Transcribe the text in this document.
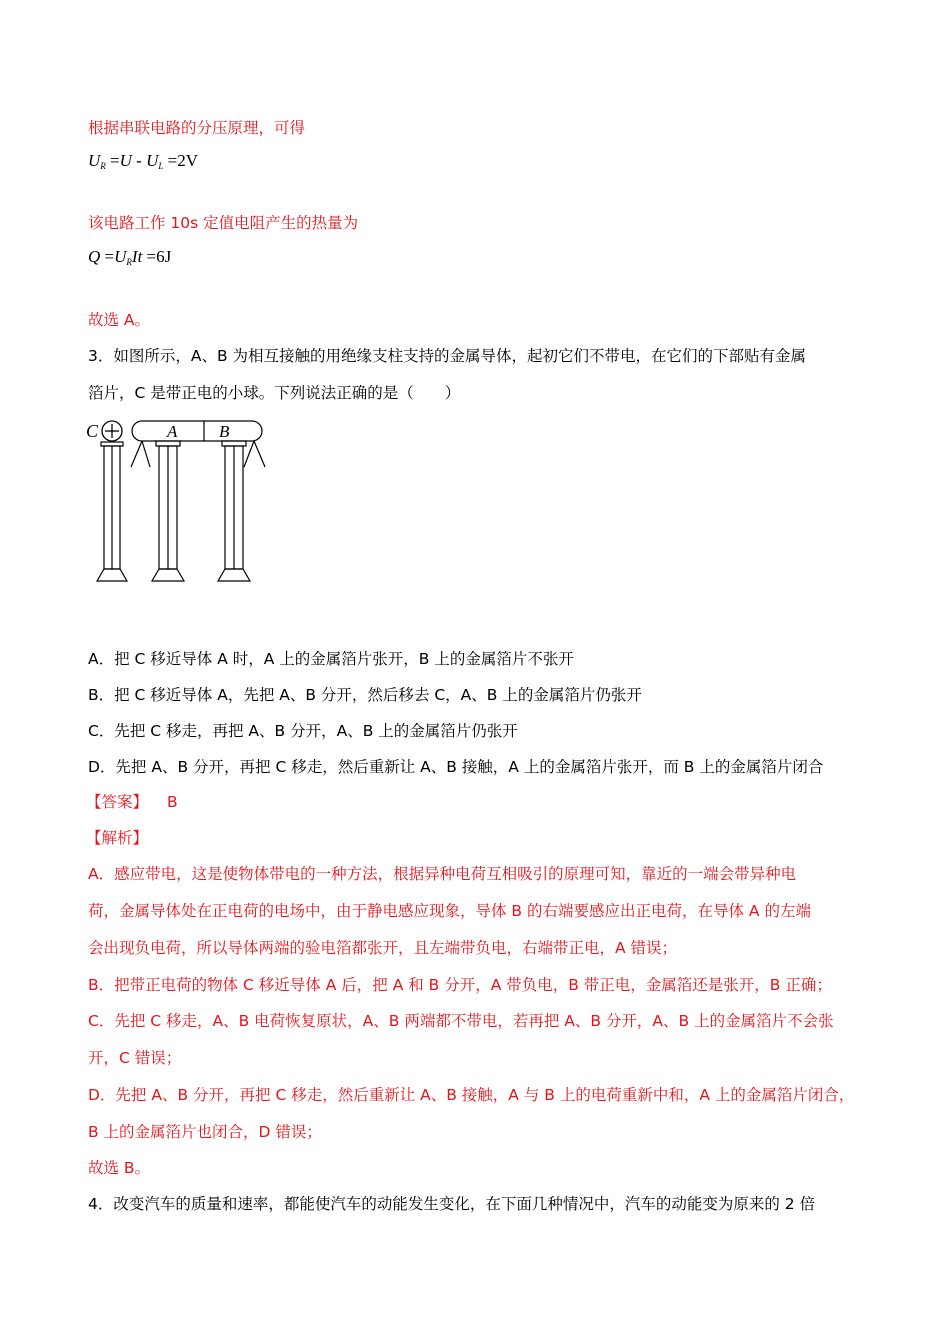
根据串联电路的分压原理，可得
$U_R =U - U_L =2V$
该电路工作 10s 定值电阻产生的热量为
$Q =U_RIt =6J$
故选 A。
3．如图所示，A、B 为相互接触的用绝缘支柱支持的金属导体，起初它们不带电，在它们的下部贴有金属
箔片，C 是带正电的小球。下列说法正确的是（　　）
C	A B
A．把 C 移近导体 A 时，A 上的金属箔片张开，B 上的金属箔片不张开
B．把 C 移近导体 A，先把 A、B 分开，然后移去 C，A、B 上的金属箔片仍张开
C．先把 C 移走，再把 A、B 分开，A、B 上的金属箔片仍张开
D．先把 A、B 分开，再把 C 移走，然后重新让 A、B 接触，A 上的金属箔片张开，而 B 上的金属箔片闭合
【答案】 B
【解析】
A．感应带电，这是使物体带电的一种方法，根据异种电荷互相吸引的原理可知，靠近的一端会带异种电
荷，金属导体处在正电荷的电场中，由于静电感应现象，导体 B 的右端要感应出正电荷，在导体 A 的左端
会出现负电荷，所以导体两端的验电箔都张开，且左端带负电，右端带正电，A 错误；
B．把带正电荷的物体 C 移近导体 A 后，把 A 和 B 分开，A 带负电，B 带正电，金属箔还是张开，B 正确；
C．先把 C 移走，A、B 电荷恢复原状，A、B 两端都不带电，若再把 A、B 分开，A、B 上的金属箔片不会张
开，C 错误；
D．先把 A、B 分开，再把 C 移走，然后重新让 A、B 接触，A 与 B 上的电荷重新中和，A 上的金属箔片闭合，
B 上的金属箔片也闭合，D 错误；
故选 B。
4．改变汽车的质量和速率，都能使汽车的动能发生变化，在下面几种情况中，汽车的动能变为原来的 2 倍
